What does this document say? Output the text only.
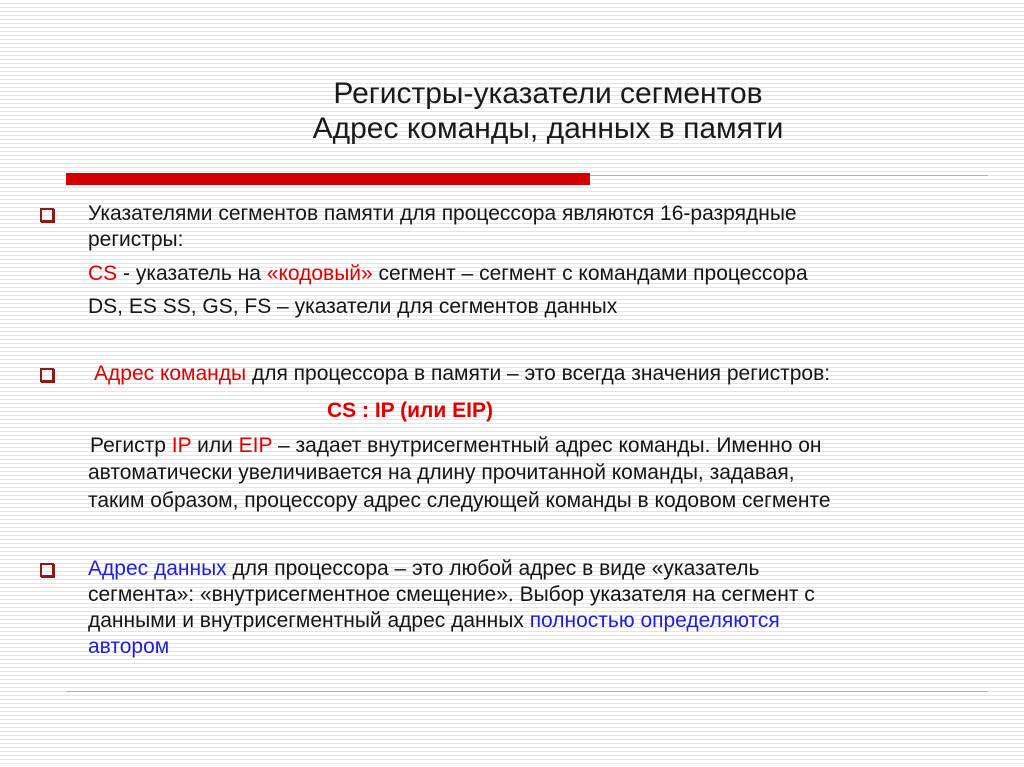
Регистры-указатели сегментов
Адрес команды, данных в памяти
Указателями сегментов памяти для процессора являются 16-разрядные
регистры:
CS - указатель на «кодовый» сегмент – сегмент с командами процессора
DS, ES SS, GS, FS – указатели для сегментов данных
Адрес команды для процессора в памяти – это всегда значения регистров:
CS : IP (или EIP)
Регистр IP или EIP – задает внутрисегментный адрес команды. Именно он
автоматически увеличивается на длину прочитанной команды, задавая,
таким образом, процессору адрес следующей команды в кодовом сегменте
Адрес данных для процессора – это любой адрес в виде «указатель
сегмента»: «внутрисегментное смещение». Выбор указателя на сегмент с
данными и внутрисегментный адрес данных полностью определяются
автором
